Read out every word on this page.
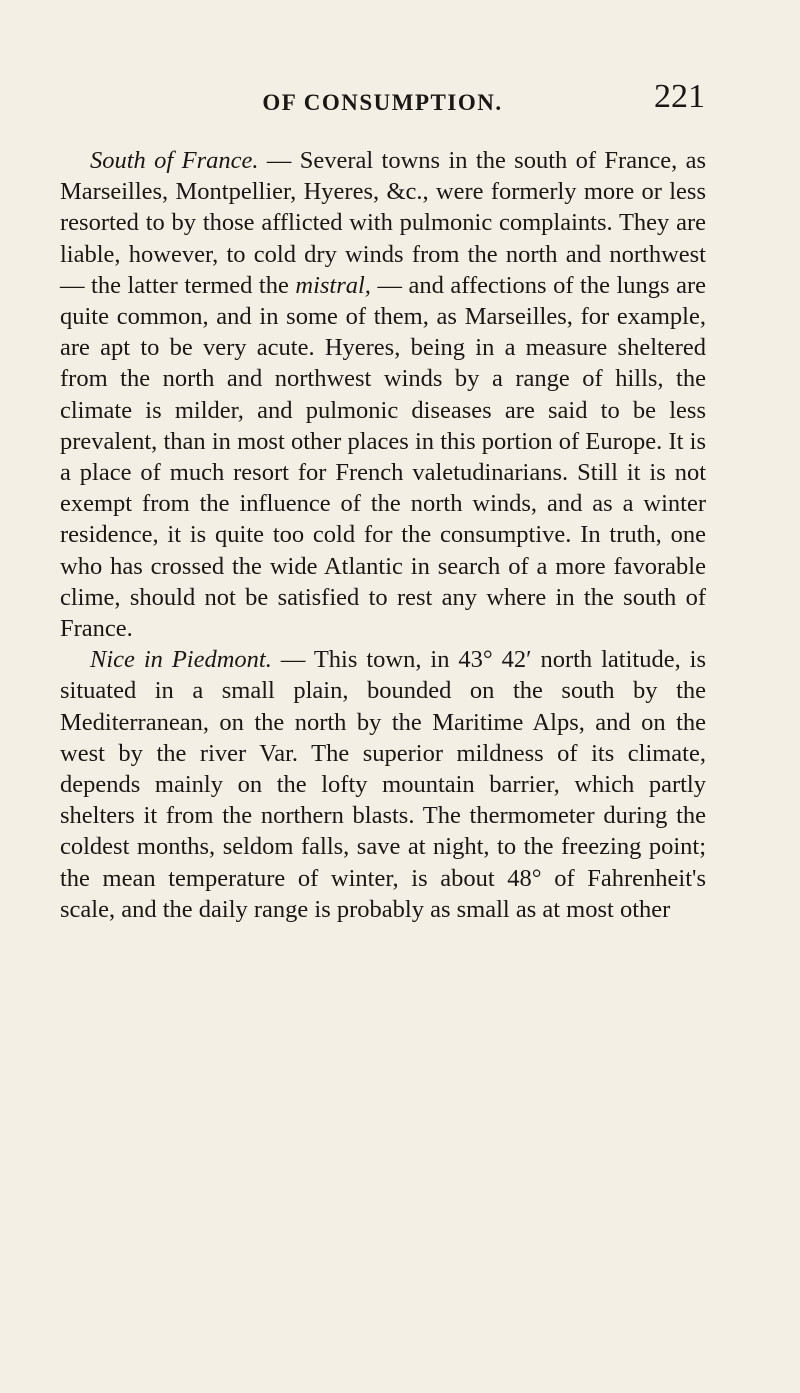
OF CONSUMPTION.	221

South of France. — Several towns in the south of France, as Marseilles, Montpellier, Hyeres, &c., were formerly more or less resorted to by those afflicted with pulmonic complaints. They are liable, however, to cold dry winds from the north and northwest — the latter termed the mistral, — and affections of the lungs are quite common, and in some of them, as Marseilles, for example, are apt to be very acute. Hyeres, being in a measure sheltered from the north and northwest winds by a range of hills, the climate is milder, and pulmonic diseases are said to be less prevalent, than in most other places in this portion of Europe. It is a place of much resort for French valetudinarians. Still it is not exempt from the influence of the north winds, and as a winter residence, it is quite too cold for the consumptive. In truth, one who has crossed the wide Atlantic in search of a more favorable clime, should not be satisfied to rest any where in the south of France.

Nice in Piedmont. — This town, in 43° 42′ north latitude, is situated in a small plain, bounded on the south by the Mediterranean, on the north by the Maritime Alps, and on the west by the river Var. The superior mildness of its climate, depends mainly on the lofty mountain barrier, which partly shelters it from the northern blasts. The thermometer during the coldest months, seldom falls, save at night, to the freezing point; the mean temperature of winter, is about 48° of Fahrenheit's scale, and the daily range is probably as small as at most other
